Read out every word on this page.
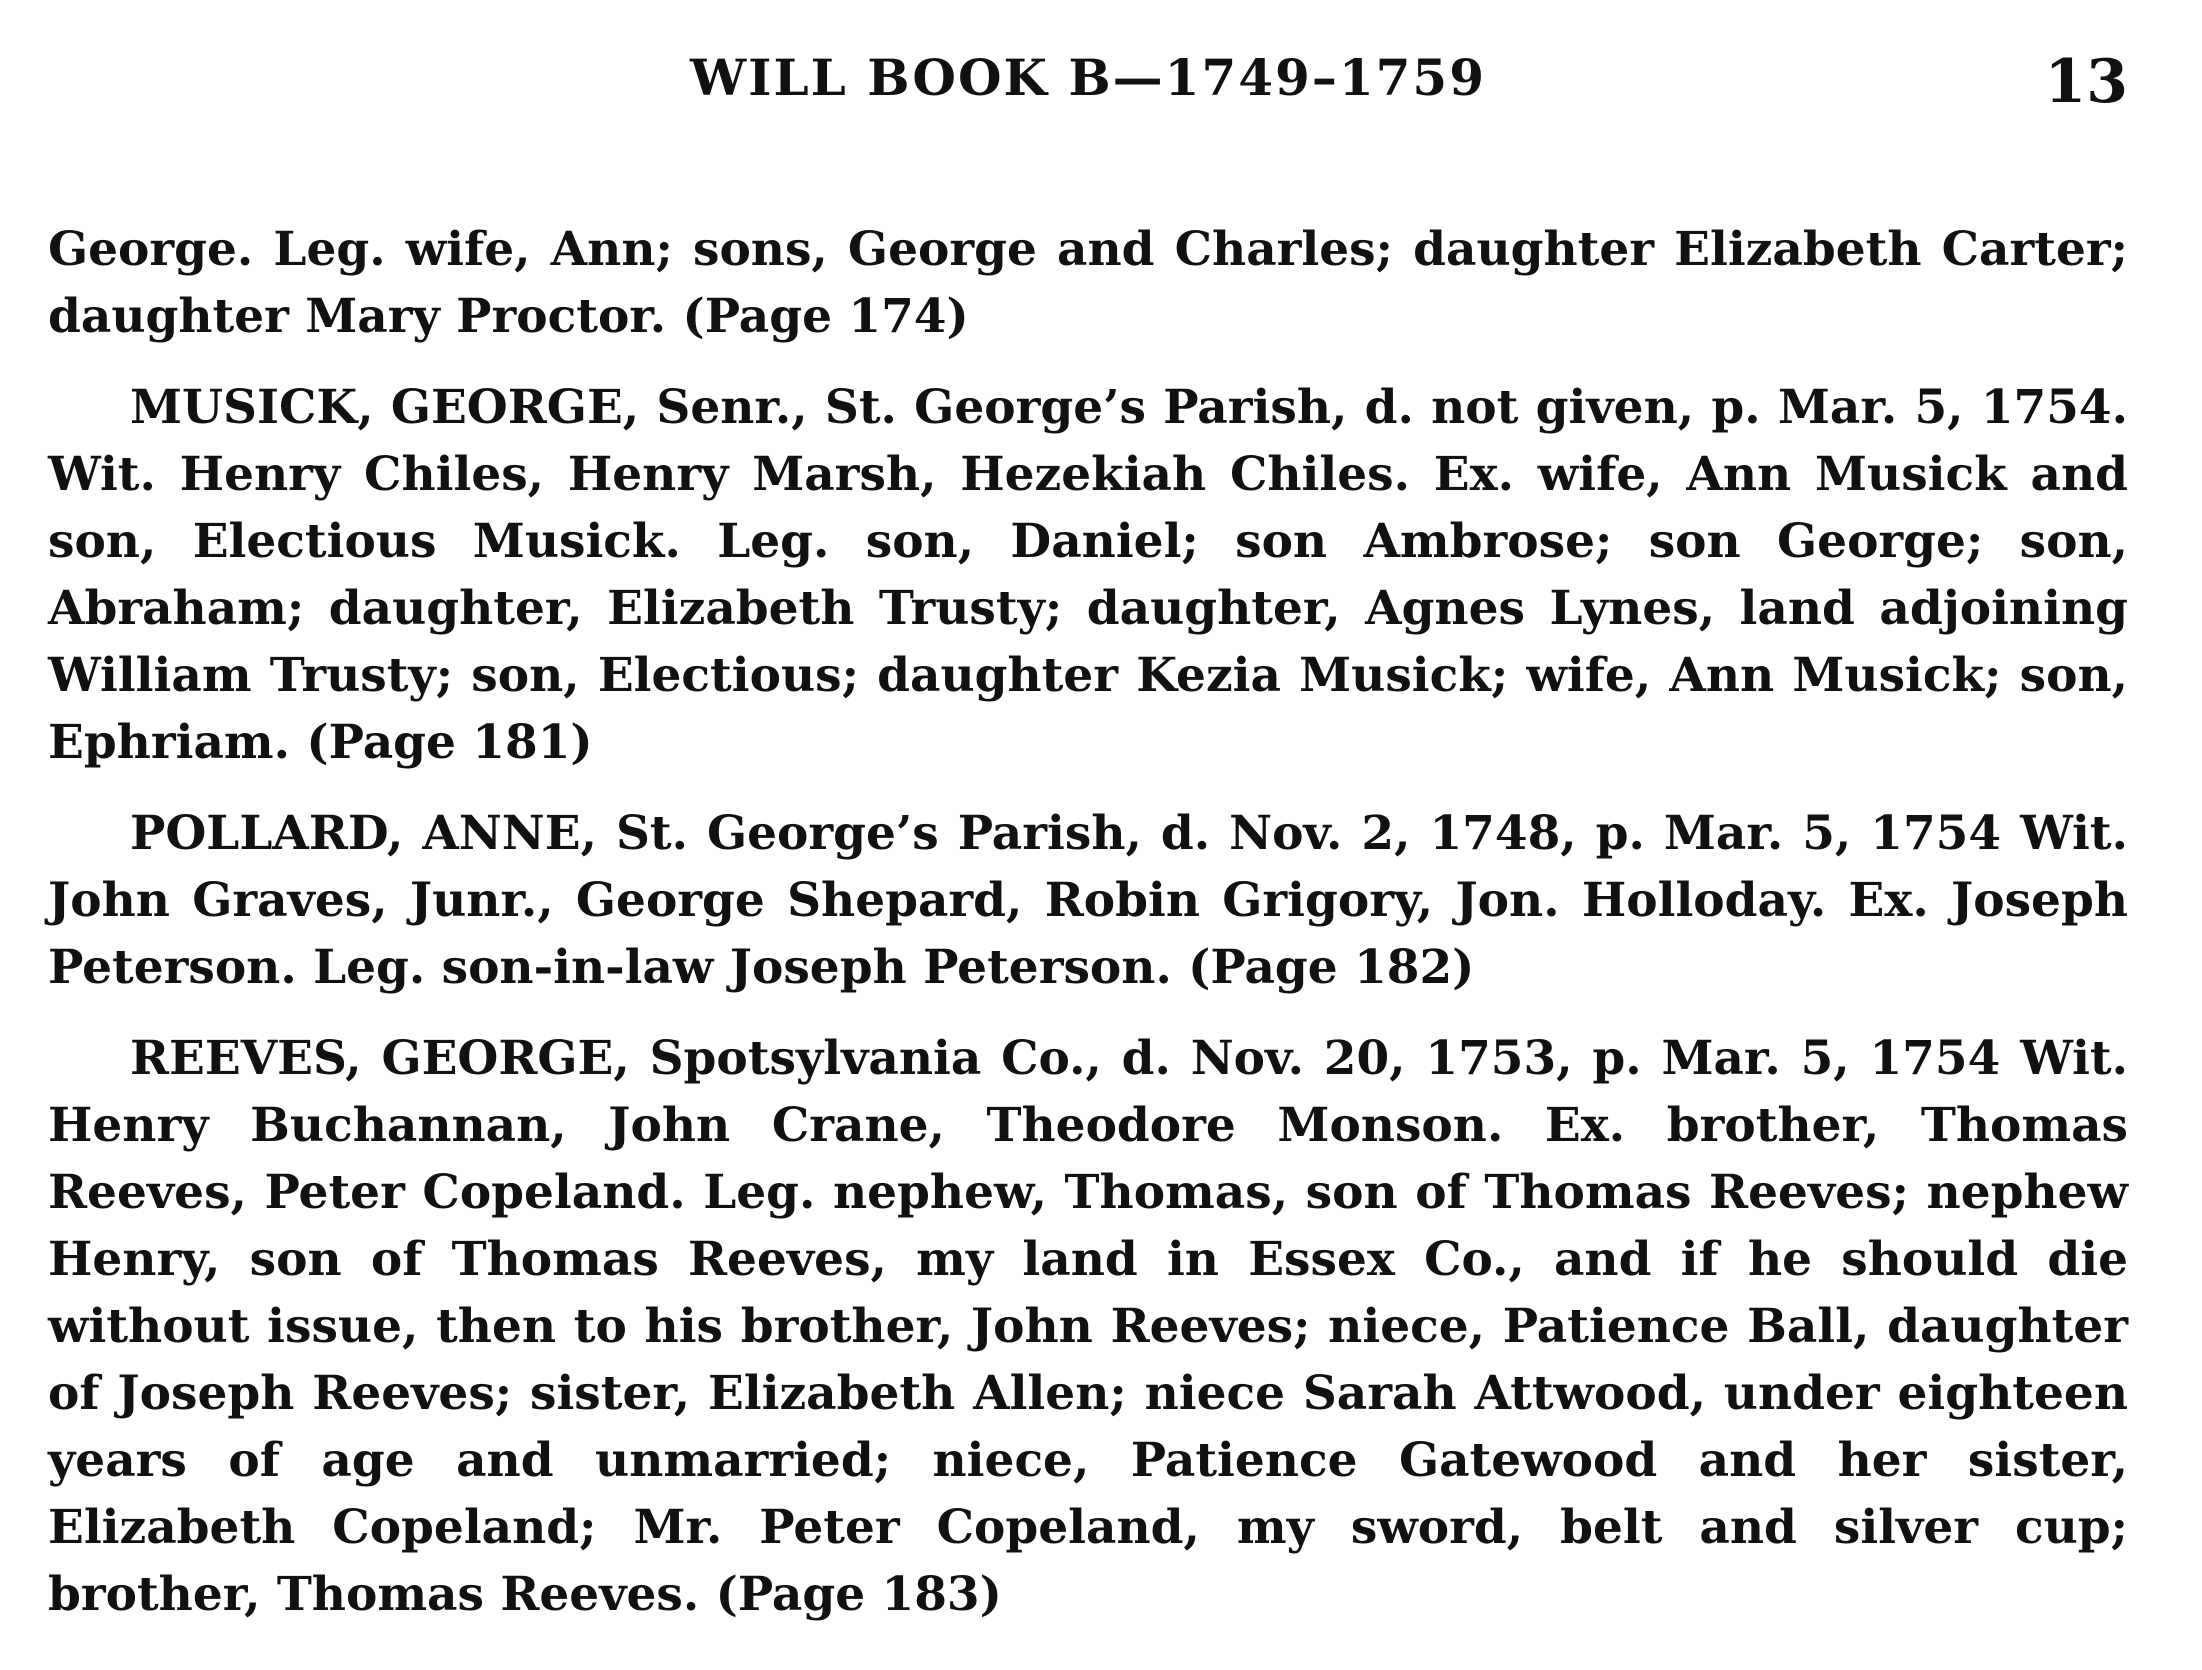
WILL BOOK B—1749–1759	13

George. Leg. wife, Ann; sons, George and Charles; daughter Elizabeth Carter; daughter Mary Proctor. (Page 174)

MUSICK, GEORGE, Senr., St. George’s Parish, d. not given, p. Mar. 5, 1754. Wit. Henry Chiles, Henry Marsh, Hezekiah Chiles. Ex. wife, Ann Musick and son, Electious Musick. Leg. son, Daniel; son Ambrose; son George; son, Abraham; daughter, Elizabeth Trusty; daughter, Agnes Lynes, land adjoining William Trusty; son, Electious; daughter Kezia Musick; wife, Ann Musick; son, Ephriam. (Page 181)

POLLARD, ANNE, St. George’s Parish, d. Nov. 2, 1748, p. Mar. 5, 1754 Wit. John Graves, Junr., George Shepard, Robin Grigory, Jon. Holloday. Ex. Joseph Peterson. Leg. son-in-law Joseph Peterson. (Page 182)

REEVES, GEORGE, Spotsylvania Co., d. Nov. 20, 1753, p. Mar. 5, 1754 Wit. Henry Buchannan, John Crane, Theodore Monson. Ex. brother, Thomas Reeves, Peter Copeland. Leg. nephew, Thomas, son of Thomas Reeves; nephew Henry, son of Thomas Reeves, my land in Essex Co., and if he should die without issue, then to his brother, John Reeves; niece, Patience Ball, daughter of Joseph Reeves; sister, Elizabeth Allen; niece Sarah Attwood, under eighteen years of age and unmarried; niece, Patience Gatewood and her sister, Elizabeth Copeland; Mr. Peter Copeland, my sword, belt and silver cup; brother, Thomas Reeves. (Page 183)
